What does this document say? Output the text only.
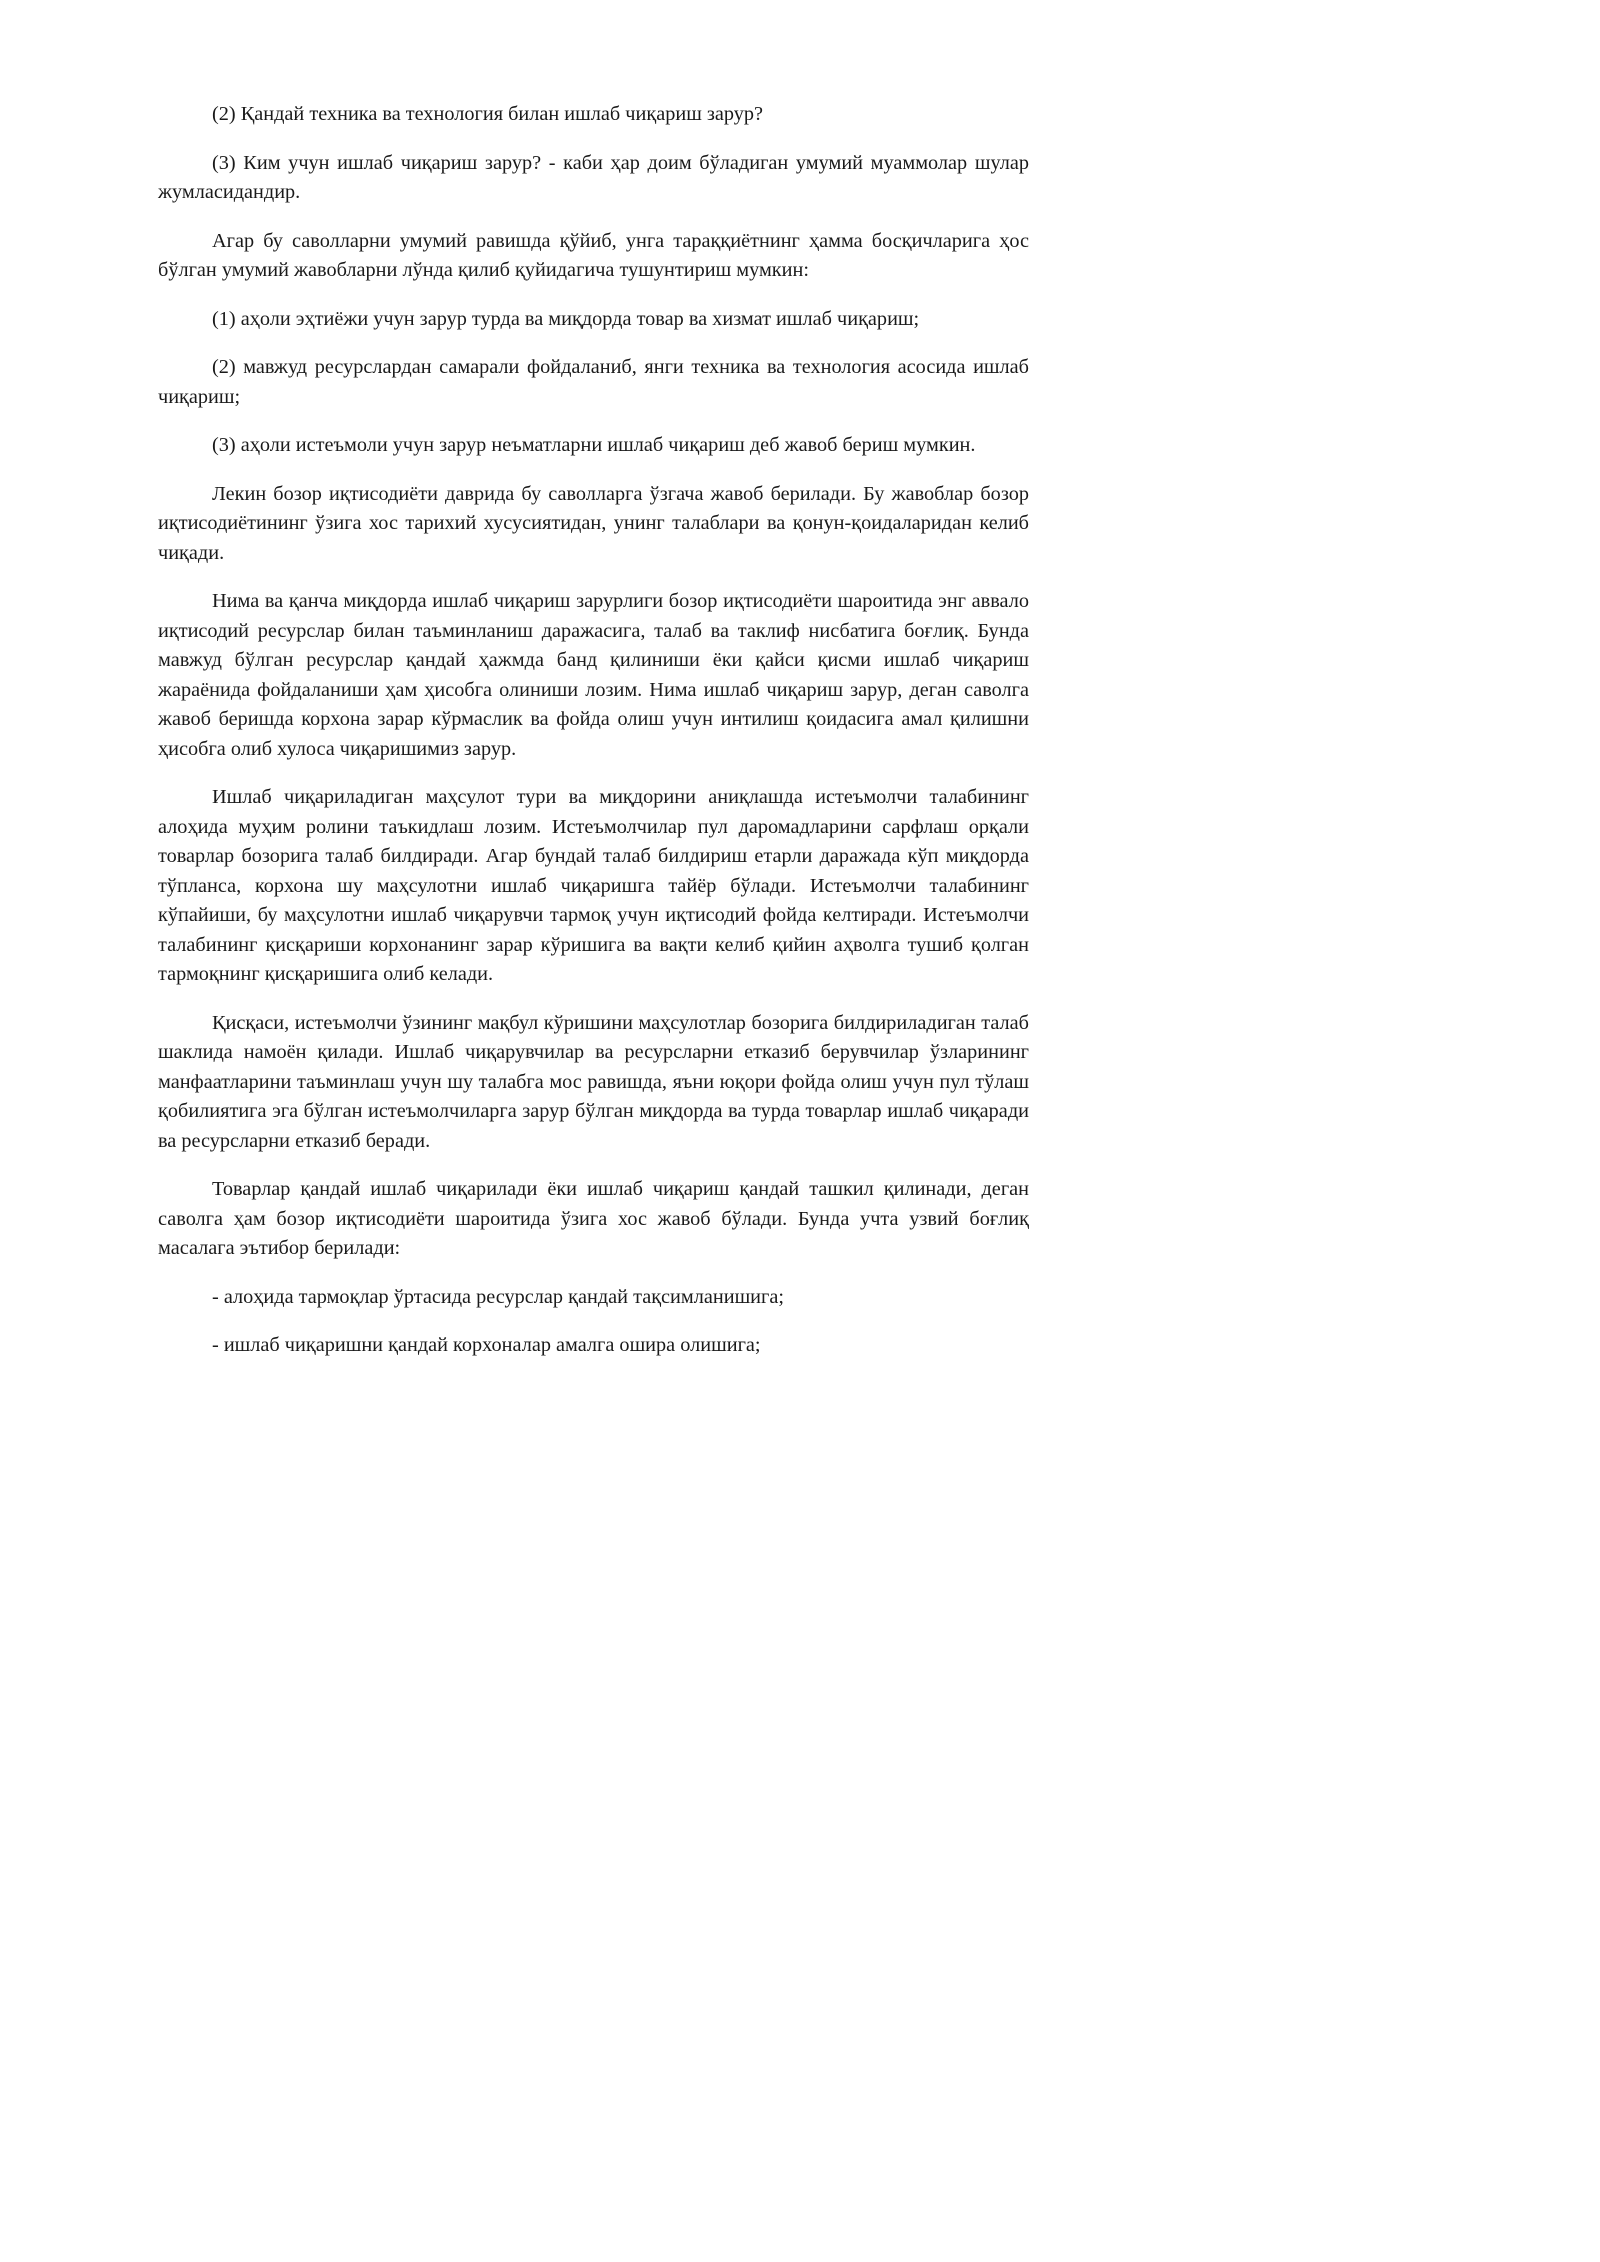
(2) Қандай техника ва технология билан ишлаб чиқариш зарур?

(3) Ким учун ишлаб чиқариш зарур? - каби ҳар доим бўладиган умумий муаммолар шулар жумласидандир.

Агар бу саволларни умумий равишда қўйиб, унга тараққиётнинг ҳамма босқичларига ҳос бўлган умумий жавобларни лўнда қилиб қуйидагича тушунтириш мумкин:

(1) аҳоли эҳтиёжи учун зарур турда ва миқдорда товар ва хизмат ишлаб чиқариш;

(2) мавжуд ресурслардан самарали фойдаланиб, янги техника ва технология асосида ишлаб чиқариш;

(3) аҳоли истеъмоли учун зарур неъматларни ишлаб чиқариш деб жавоб бериш мумкин.

Лекин бозор иқтисодиёти даврида бу саволларга ўзгача жавоб берилади. Бу жавоблар бозор иқтисодиётининг ўзига хос тарихий хусусиятидан, унинг талаблари ва қонун-қоидаларидан келиб чиқади.

Нима ва қанча миқдорда ишлаб чиқариш зарурлиги бозор иқтисодиёти шароитида энг аввало иқтисодий ресурслар билан таъминланиш даражасига, талаб ва таклиф нисбатига боғлиқ. Бунда мавжуд бўлган ресурслар қандай ҳажмда банд қилиниши ёки қайси қисми ишлаб чиқариш жараёнида фойдаланиши ҳам ҳисобга олиниши лозим. Нима ишлаб чиқариш зарур, деган саволга жавоб беришда корхона зарар кўрмаслик ва фойда олиш учун интилиш қоидасига амал қилишни ҳисобга олиб хулоса чиқаришимиз зарур.

Ишлаб чиқариладиган маҳсулот тури ва миқдорини аниқлашда истеъмолчи талабининг алоҳида муҳим ролини таъкидлаш лозим. Истеъмолчилар пул даромадларини сарфлаш орқали товарлар бозорига талаб билдиради. Агар бундай талаб билдириш етарли даражада кўп миқдорда тўпланса, корхона шу маҳсулотни ишлаб чиқаришга тайёр бўлади. Истеъмолчи талабининг кўпайиши, бу маҳсулотни ишлаб чиқарувчи тармоқ учун иқтисодий фойда келтиради. Истеъмолчи талабининг қисқариши корхонанинг зарар кўришига ва вақти келиб қийин аҳволга тушиб қолган тармоқнинг қисқаришига олиб келади.

Қисқаси, истеъмолчи ўзининг мақбул кўришини маҳсулотлар бозорига билдириладиган талаб шаклида намоён қилади. Ишлаб чиқарувчилар ва ресурсларни етказиб берувчилар ўзларининг манфаатларини таъминлаш учун шу талабга мос равишда, яъни юқори фойда олиш учун пул тўлаш қобилиятига эга бўлган истеъмолчиларга зарур бўлган миқдорда ва турда товарлар ишлаб чиқаради ва ресурсларни етказиб беради.

Товарлар қандай ишлаб чиқарилади ёки ишлаб чиқариш қандай ташкил қилинади, деган саволга ҳам бозор иқтисодиёти шароитида ўзига хос жавоб бўлади. Бунда учта узвий боғлиқ масалага эътибор берилади:

- алоҳида тармоқлар ўртасида ресурслар қандай тақсимланишига;

- ишлаб чиқаришни қандай корхоналар амалга ошира олишига;
